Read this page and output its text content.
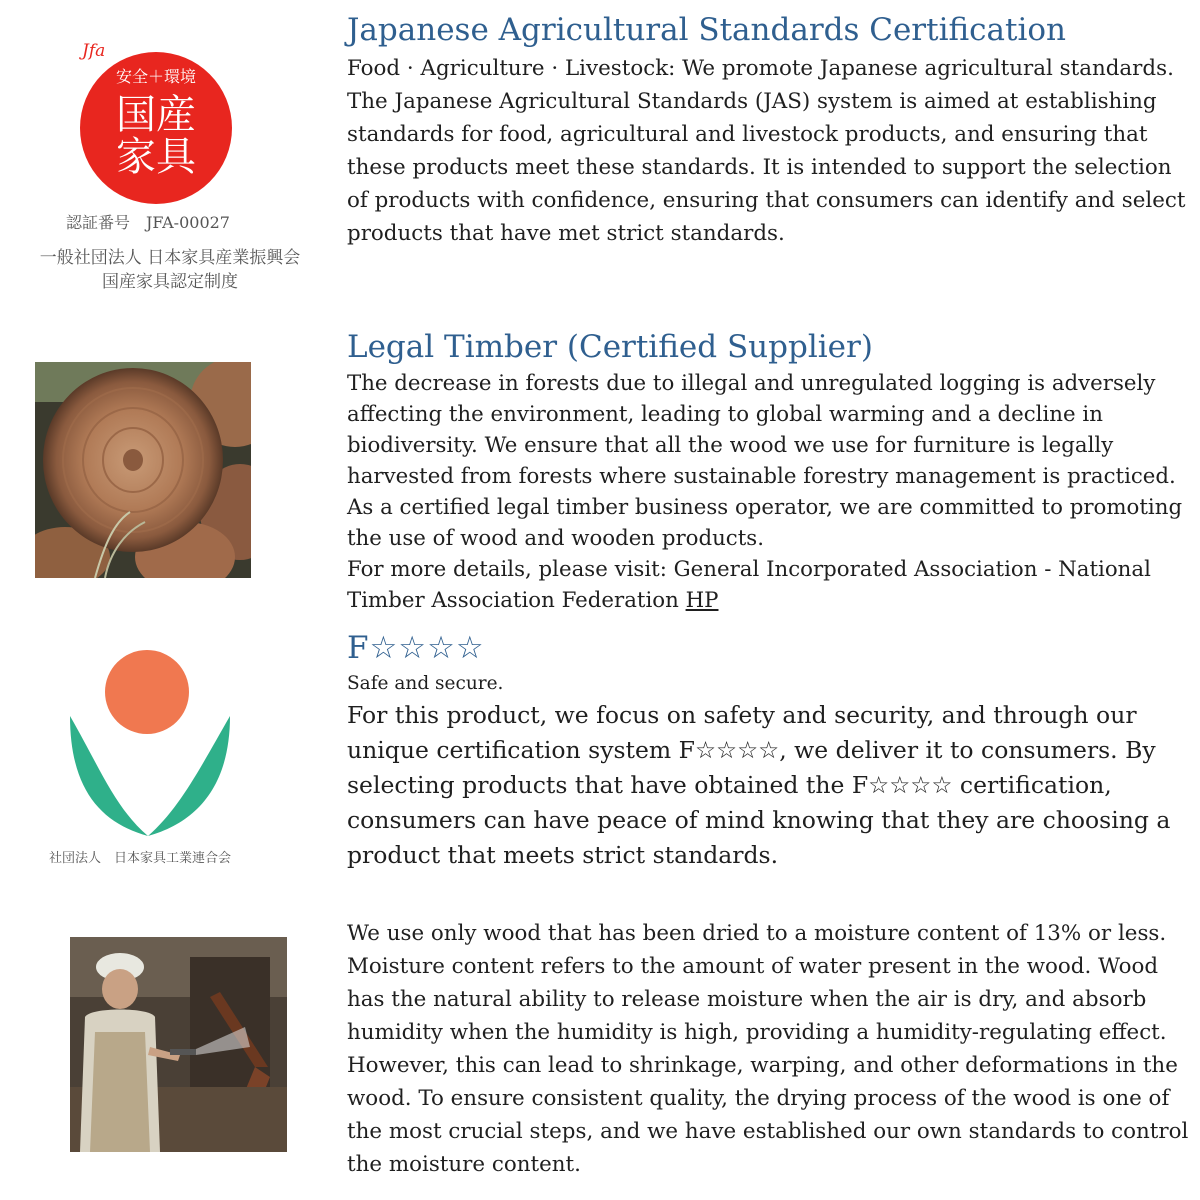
Jfa
安全＋環境
国産
家具
認証番号　JFA-00027
一般社団法人 日本家具産業振興会
国産家具認定制度
Japanese Agricultural Standards Certification

Food · Agriculture · Livestock: We promote Japanese agricultural standards.

The Japanese Agricultural Standards (JAS) system is aimed at establishing standards for food, agricultural and livestock products, and ensuring that these products meet these standards. It is intended to support the selection of products with confidence, ensuring that consumers can identify and select products that have met strict standards.

Legal Timber (Certified Supplier)

The decrease in forests due to illegal and unregulated logging is adversely affecting the environment, leading to global warming and a decline in biodiversity. We ensure that all the wood we use for furniture is legally harvested from forests where sustainable forestry management is practiced. As a certified legal timber business operator, we are committed to promoting the use of wood and wooden products.

For more details, please visit: General Incorporated Association - National Timber Association Federation HP

社団法人　日本家具工業連合会
F☆☆☆☆

Safe and secure.

For this product, we focus on safety and security, and through our unique certification system F☆☆☆☆, we deliver it to consumers. By selecting products that have obtained the F☆☆☆☆ certification, consumers can have peace of mind knowing that they are choosing a product that meets strict standards.

We use only wood that has been dried to a moisture content of 13% or less. Moisture content refers to the amount of water present in the wood. Wood has the natural ability to release moisture when the air is dry, and absorb humidity when the humidity is high, providing a humidity-regulating effect. However, this can lead to shrinkage, warping, and other deformations in the wood. To ensure consistent quality, the drying process of the wood is one of the most crucial steps, and we have established our own standards to control the moisture content.
